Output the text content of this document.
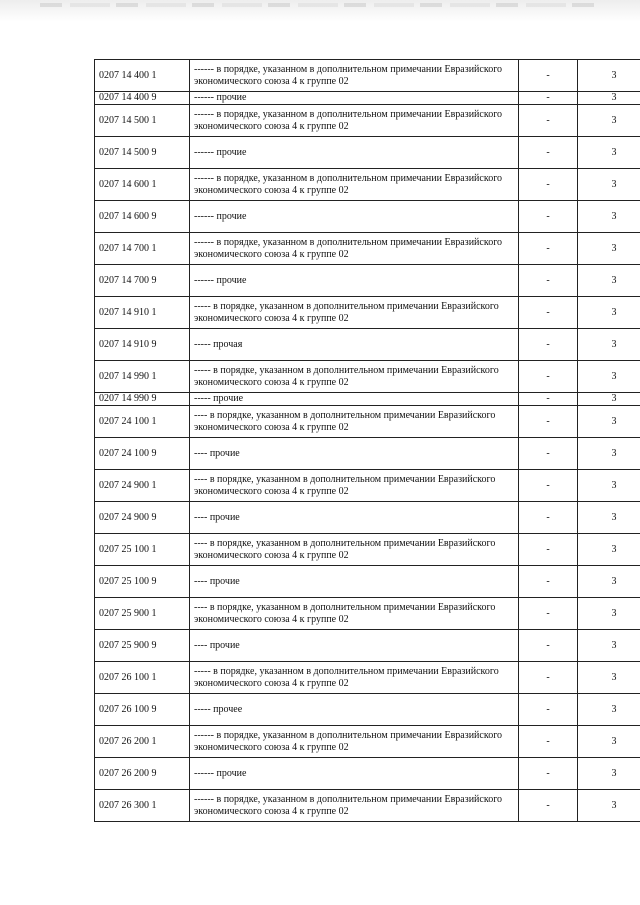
0207 14 400 1	------ в порядке, указанном в дополнительном примечании Евразийского экономического союза 4 к группе 02	-	3
0207 14 400 9	------ прочие	-	3
0207 14 500 1	------ в порядке, указанном в дополнительном примечании Евразийского экономического союза 4 к группе 02	-	3
0207 14 500 9	------ прочие	-	3
0207 14 600 1	------ в порядке, указанном в дополнительном примечании Евразийского экономического союза 4 к группе 02	-	3
0207 14 600 9	------ прочие	-	3
0207 14 700 1	------ в порядке, указанном в дополнительном примечании Евразийского экономического союза 4 к группе 02	-	3
0207 14 700 9	------ прочие	-	3
0207 14 910 1	----- в порядке, указанном в дополнительном примечании Евразийского экономического союза 4 к группе 02	-	3
0207 14 910 9	----- прочая	-	3
0207 14 990 1	----- в порядке, указанном в дополнительном примечании Евразийского экономического союза 4 к группе 02	-	3
0207 14 990 9	----- прочие	-	3
0207 24 100 1	---- в порядке, указанном в дополнительном примечании Евразийского экономического союза 4 к группе 02	-	3
0207 24 100 9	---- прочие	-	3
0207 24 900 1	---- в порядке, указанном в дополнительном примечании Евразийского экономического союза 4 к группе 02	-	3
0207 24 900 9	---- прочие	-	3
0207 25 100 1	---- в порядке, указанном в дополнительном примечании Евразийского экономического союза 4 к группе 02	-	3
0207 25 100 9	---- прочие	-	3
0207 25 900 1	---- в порядке, указанном в дополнительном примечании Евразийского экономического союза 4 к группе 02	-	3
0207 25 900 9	---- прочие	-	3
0207 26 100 1	----- в порядке, указанном в дополнительном примечании Евразийского экономического союза 4 к группе 02	-	3
0207 26 100 9	----- прочее	-	3
0207 26 200 1	------ в порядке, указанном в дополнительном примечании Евразийского экономического союза 4 к группе 02	-	3
0207 26 200 9	------ прочие	-	3
0207 26 300 1	------ в порядке, указанном в дополнительном примечании Евразийского экономического союза 4 к группе 02	-	3
